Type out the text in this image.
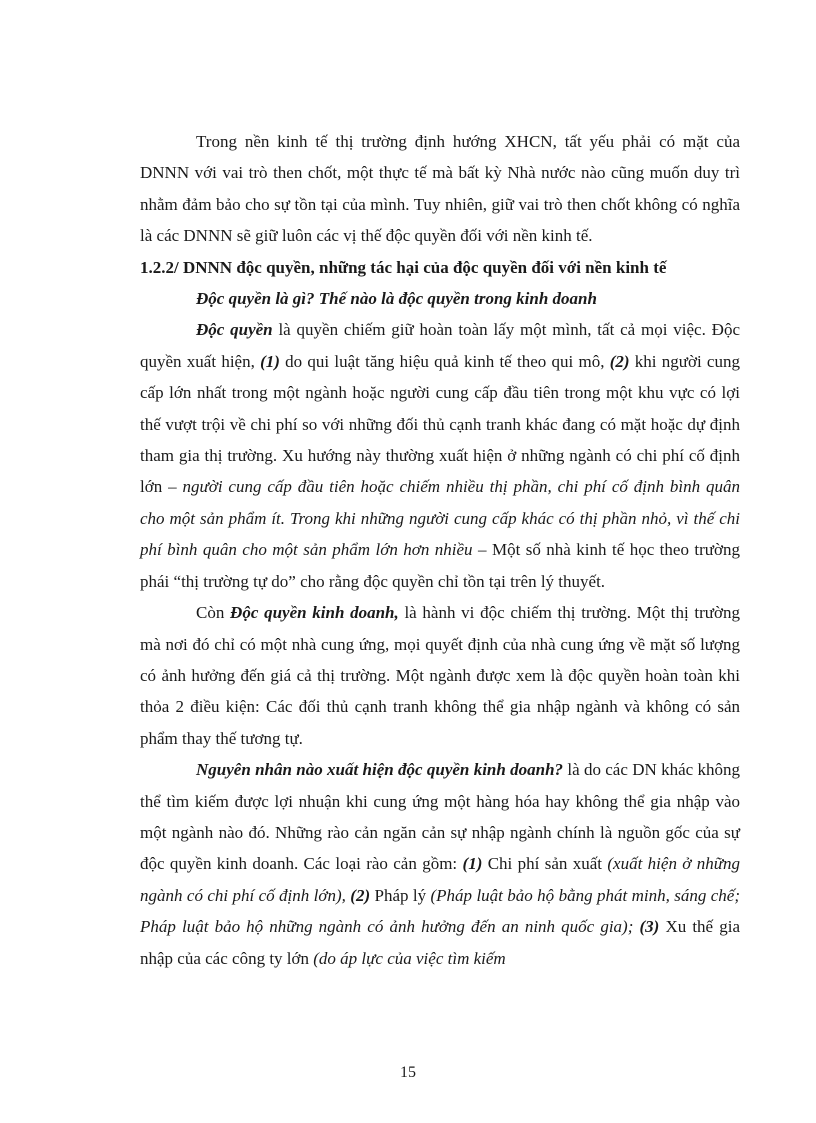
Trong nền kinh tế thị trường định hướng XHCN, tất yếu phải có mặt của DNNN với vai trò then chốt, một thực tế mà bất kỳ Nhà nước nào cũng muốn duy trì nhằm đảm bảo cho sự tồn tại của mình. Tuy nhiên, giữ vai trò then chốt không có nghĩa là các DNNN sẽ giữ luôn các vị thế độc quyền đối với nền kinh tế.

1.2.2/ DNNN độc quyền, những tác hại của độc quyền đối với nền kinh tế

Độc quyền là gì? Thế nào là độc quyền trong kinh doanh

Độc quyền là quyền chiếm giữ hoàn toàn lấy một mình, tất cả mọi việc. Độc quyền xuất hiện, (1) do qui luật tăng hiệu quả kinh tế theo qui mô, (2) khi người cung cấp lớn nhất trong một ngành hoặc người cung cấp đầu tiên trong một khu vực có lợi thế vượt trội về chi phí so với những đối thủ cạnh tranh khác đang có mặt hoặc dự định tham gia thị trường. Xu hướng này thường xuất hiện ở những ngành có chi phí cố định lớn – người cung cấp đầu tiên hoặc chiếm nhiều thị phần, chi phí cố định bình quân cho một sản phẩm ít. Trong khi những người cung cấp khác có thị phần nhỏ, vì thế chi phí bình quân cho một sản phẩm lớn hơn nhiều – Một số nhà kinh tế học theo trường phái “thị trường tự do” cho rằng độc quyền chỉ tồn tại trên lý thuyết.

Còn Độc quyền kinh doanh, là hành vi độc chiếm thị trường. Một thị trường mà nơi đó chỉ có một nhà cung ứng, mọi quyết định của nhà cung ứng về mặt số lượng có ảnh hưởng đến giá cả thị trường. Một ngành được xem là độc quyền hoàn toàn khi thỏa 2 điều kiện: Các đối thủ cạnh tranh không thể gia nhập ngành và không có sản phẩm thay thế tương tự.

Nguyên nhân nào xuất hiện độc quyền kinh doanh? là do các DN khác không thể tìm kiếm được lợi nhuận khi cung ứng một hàng hóa hay không thể gia nhập vào một ngành nào đó. Những rào cản ngăn cản sự nhập ngành chính là nguồn gốc của sự độc quyền kinh doanh. Các loại rào cản gồm: (1) Chi phí sản xuất (xuất hiện ở những ngành có chi phí cố định lớn), (2) Pháp lý (Pháp luật bảo hộ bằng phát minh, sáng chế; Pháp luật bảo hộ những ngành có ảnh hưởng đến an ninh quốc gia); (3) Xu thế gia nhập của các công ty lớn (do áp lực của việc tìm kiếm

15
